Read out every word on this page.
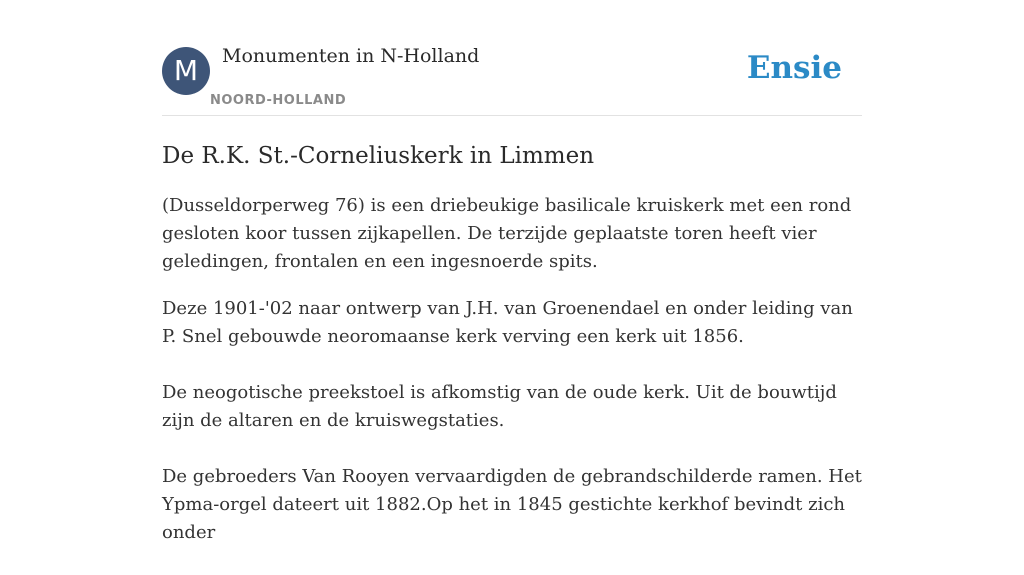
M	Monumenten in N-Holland
NOORD-HOLLAND
Ensie
De R.K. St.-Corneliuskerk in Limmen

(Dusseldorperweg 76) is een driebeukige basilicale kruiskerk met een rond gesloten koor tussen zijkapellen. De terzijde geplaatste toren heeft vier geledingen, frontalen en een ingesnoerde spits.

Deze 1901-'02 naar ontwerp van J.H. van Groenendael en onder leiding van P. Snel gebouwde neoromaanse kerk verving een kerk uit 1856.

De neogotische preekstoel is afkomstig van de oude kerk. Uit de bouwtijd zijn de altaren en de kruiswegstaties.

De gebroeders Van Rooyen vervaardigden de gebrandschilderde ramen. Het Ypma-orgel dateert uit 1882.Op het in 1845 gestichte kerkhof bevindt zich onder
